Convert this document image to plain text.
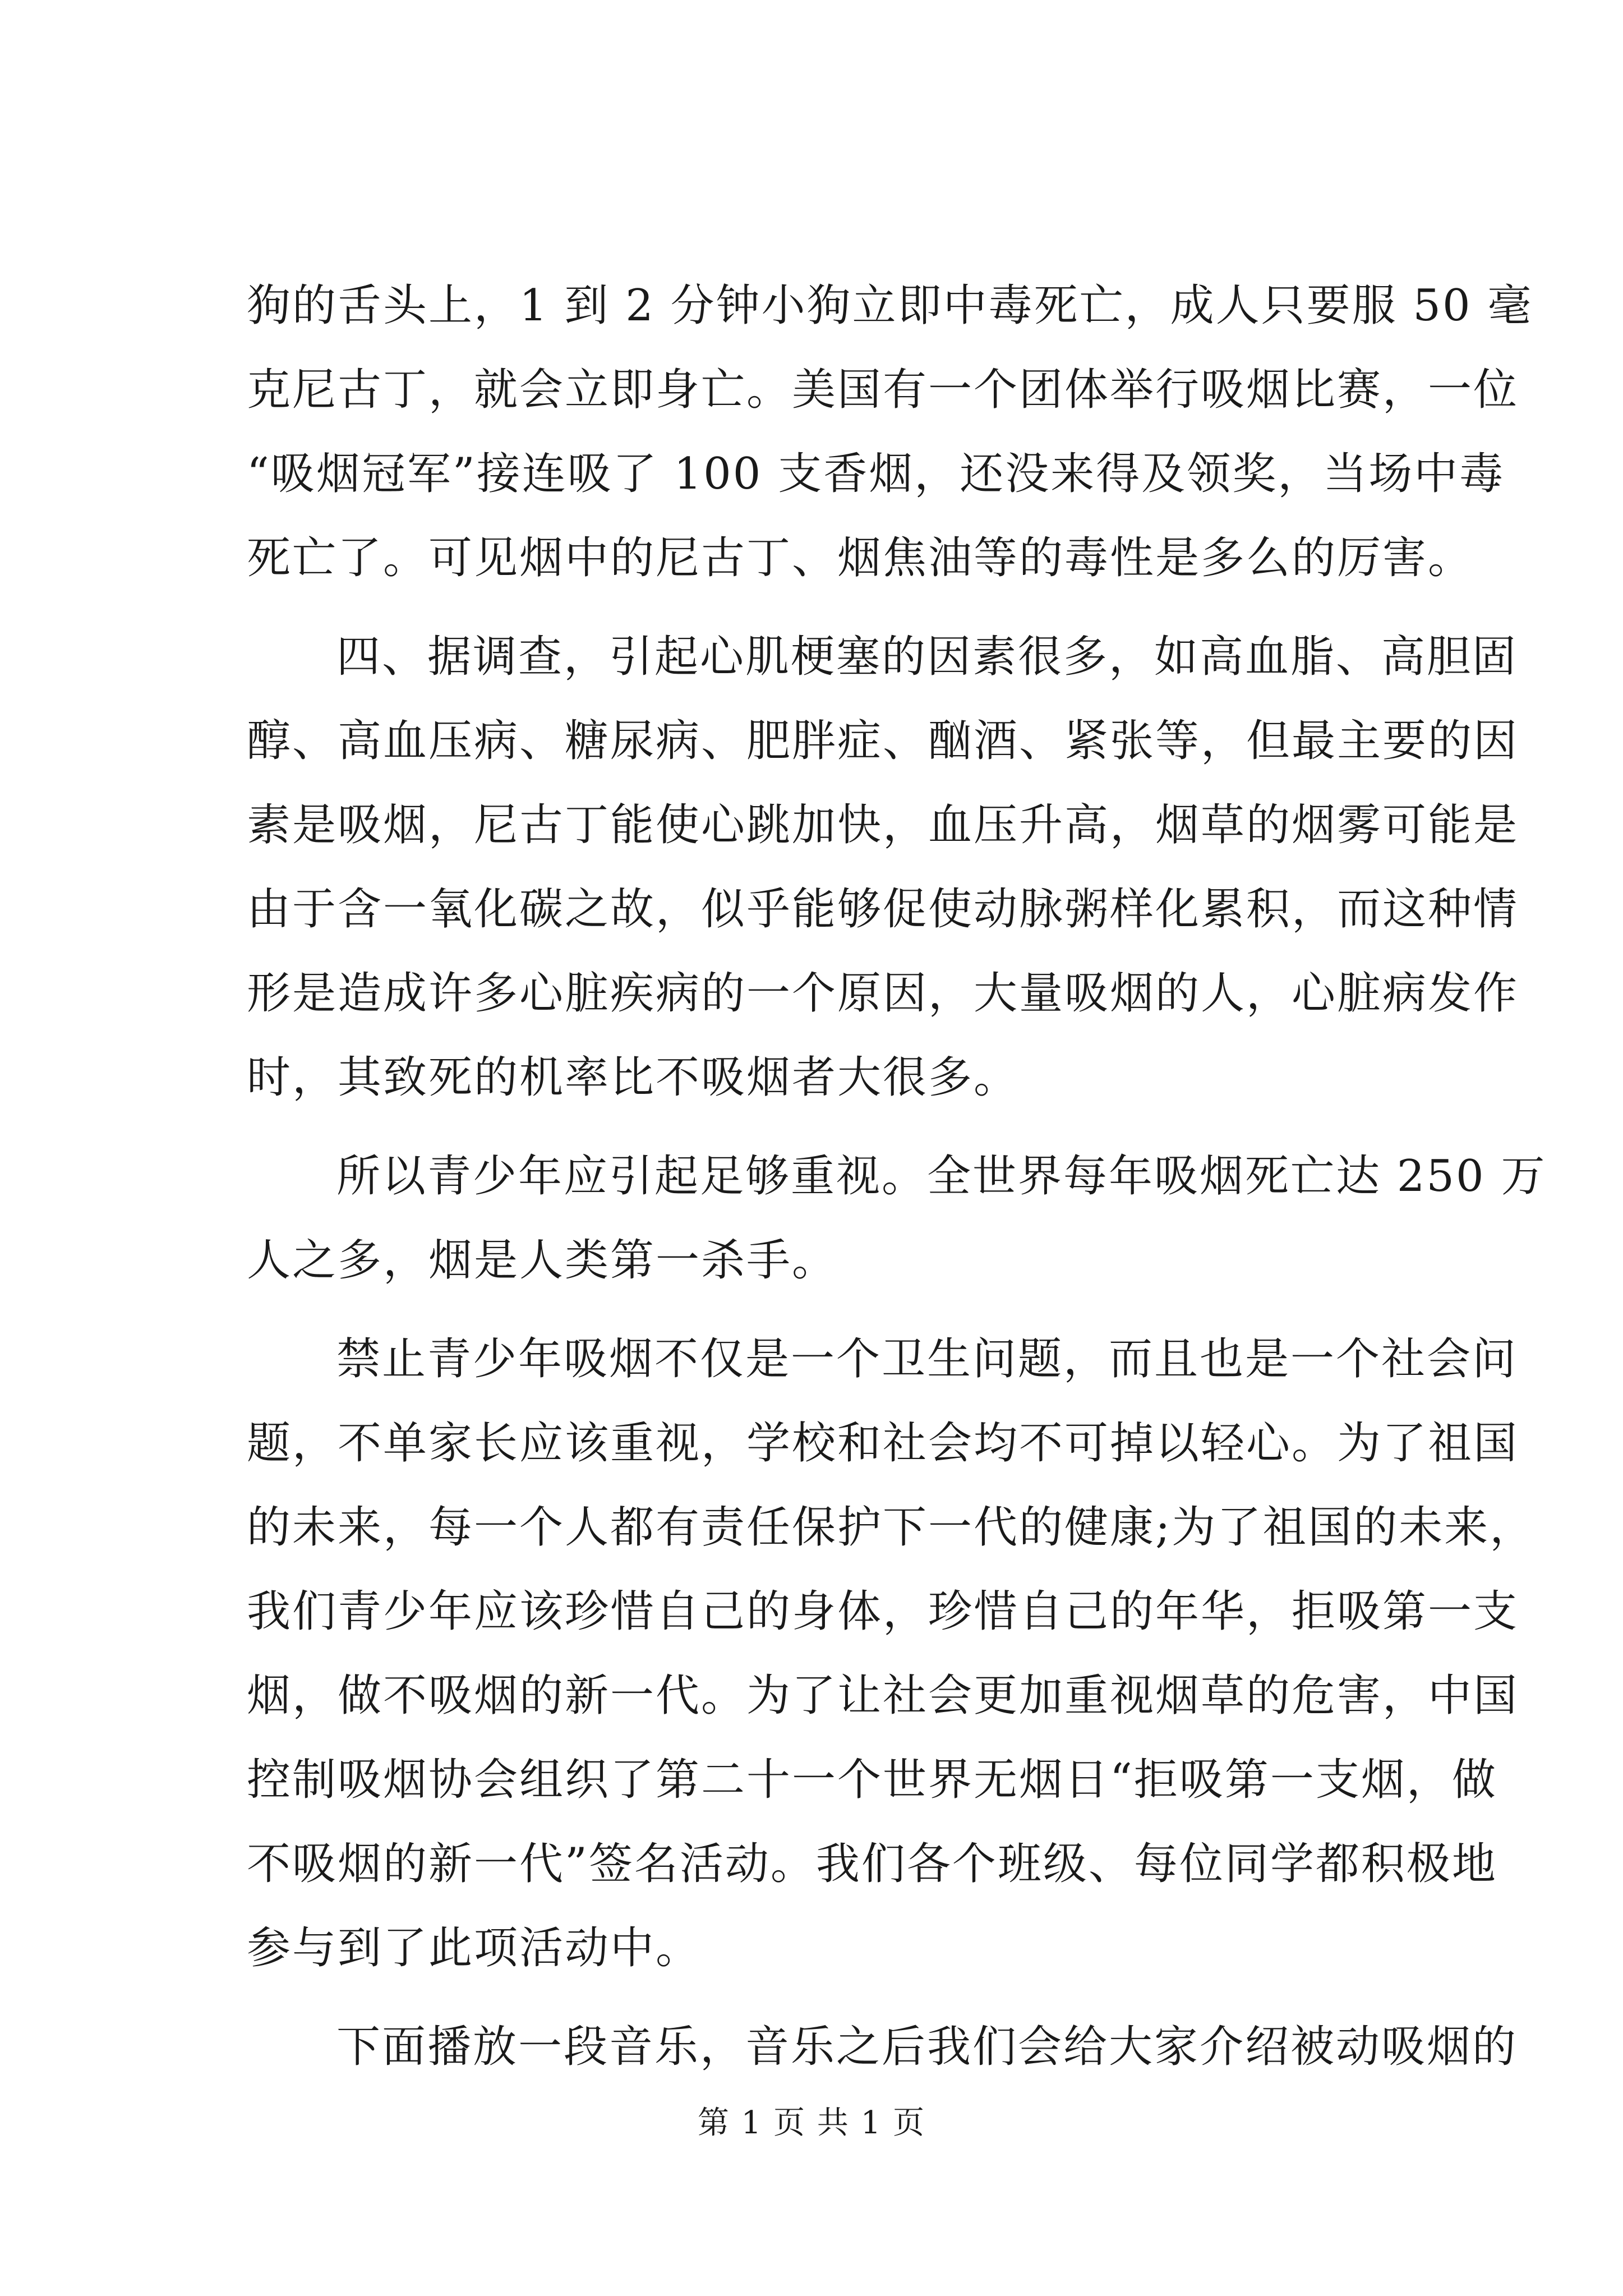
狗的舌头上，1 到 2 分钟小狗立即中毒死亡，成人只要服 50 毫
克尼古丁，就会立即身亡。美国有一个团体举行吸烟比赛，一位
“吸烟冠军”接连吸了 100 支香烟，还没来得及领奖，当场中毒
死亡了。可见烟中的尼古丁、烟焦油等的毒性是多么的厉害。
四、据调查，引起心肌梗塞的因素很多，如高血脂、高胆固
醇、高血压病、糖尿病、肥胖症、酗酒、紧张等，但最主要的因
素是吸烟，尼古丁能使心跳加快，血压升高，烟草的烟雾可能是
由于含一氧化碳之故，似乎能够促使动脉粥样化累积，而这种情
形是造成许多心脏疾病的一个原因，大量吸烟的人，心脏病发作
时，其致死的机率比不吸烟者大很多。
所以青少年应引起足够重视。全世界每年吸烟死亡达 250 万
人之多，烟是人类第一杀手。
禁止青少年吸烟不仅是一个卫生问题，而且也是一个社会问
题，不单家长应该重视，学校和社会均不可掉以轻心。为了祖国
的未来，每一个人都有责任保护下一代的健康;为了祖国的未来，
我们青少年应该珍惜自己的身体，珍惜自己的年华，拒吸第一支
烟，做不吸烟的新一代。为了让社会更加重视烟草的危害，中国
控制吸烟协会组织了第二十一个世界无烟日“拒吸第一支烟，做
不吸烟的新一代”签名活动。我们各个班级、每位同学都积极地
参与到了此项活动中。
下面播放一段音乐，音乐之后我们会给大家介绍被动吸烟的
第 1 页 共 1 页
